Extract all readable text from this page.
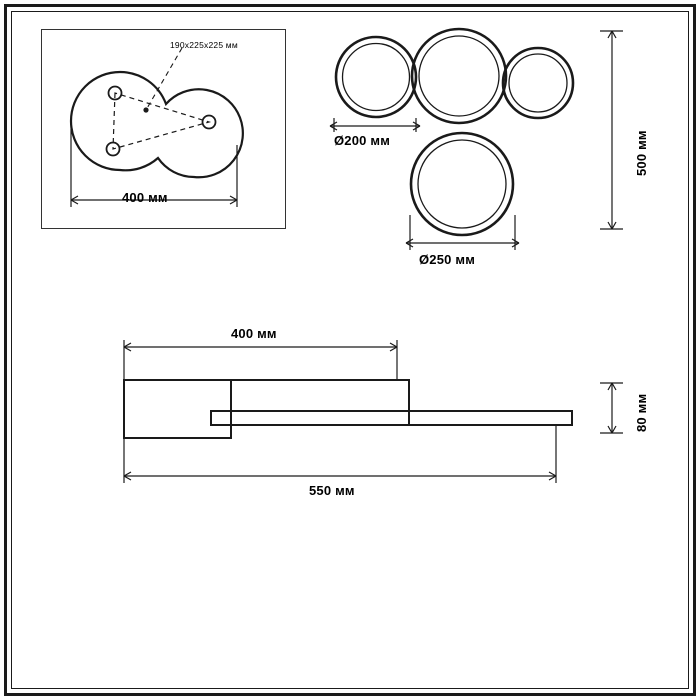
190x225x225 мм
400 мм
Ø200 мм
Ø250 мм
500 мм
400 мм
550 мм
80 мм
